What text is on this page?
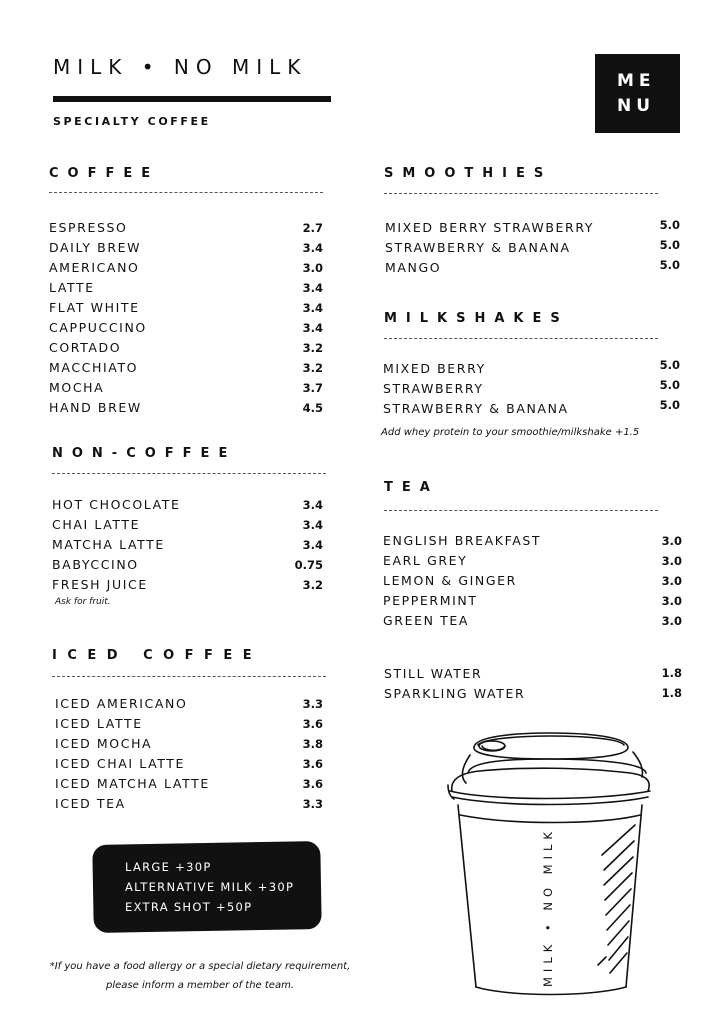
MILK • NO MILK
SPECIALTY COFFEE
ME
NU
COFFEE
ESPRESSO	2.7
DAILY BREW	3.4
AMERICANO	3.0
LATTE	3.4
FLAT WHITE	3.4
CAPPUCCINO	3.4
CORTADO	3.2
MACCHIATO	3.2
MOCHA	3.7
HAND BREW	4.5
NON-COFFEE
HOT CHOCOLATE	3.4
CHAI LATTE	3.4
MATCHA LATTE	3.4
BABYCCINO	0.75
FRESH JUICE	3.2
Ask for fruit.
ICED COFFEE
ICED AMERICANO	3.3
ICED LATTE	3.6
ICED MOCHA	3.8
ICED CHAI LATTE	3.6
ICED MATCHA LATTE	3.6
ICED TEA	3.3
LARGE +30P
ALTERNATIVE MILK +30P
EXTRA SHOT +50P
*If you have a food allergy or a special dietary requirement,
please inform a member of the team.
SMOOTHIES
MIXED BERRY STRAWBERRY	5.0
STRAWBERRY & BANANA	5.0
MANGO	5.0
MILKSHAKES
MIXED BERRY	5.0
STRAWBERRY	5.0
STRAWBERRY & BANANA	5.0
Add whey protein to your smoothie/milkshake +1.5
TEA
ENGLISH BREAKFAST	3.0
EARL GREY	3.0
LEMON & GINGER	3.0
PEPPERMINT	3.0
GREEN TEA	3.0
STILL WATER	1.8
SPARKLING WATER	1.8
MILK • NO MILK
